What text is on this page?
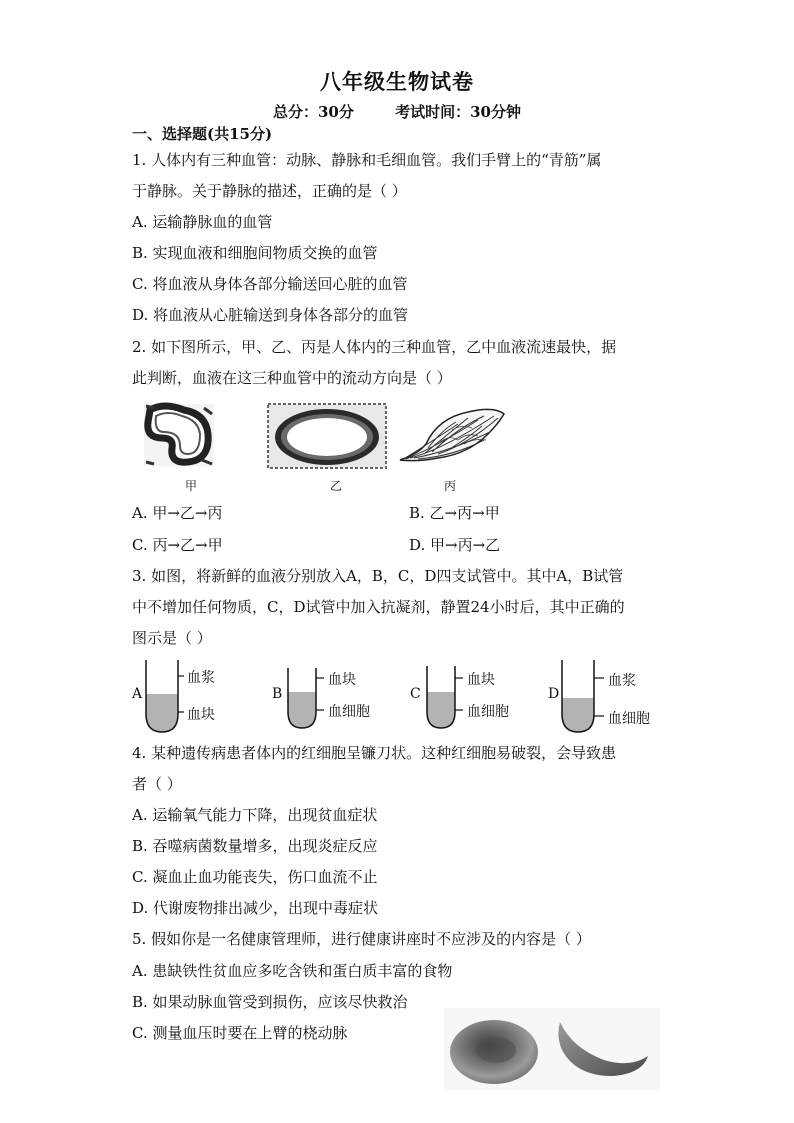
八年级生物试卷
总分：30分	考试时间：30分钟
一、选择题(共15分)
1. 人体内有三种血管：动脉、静脉和毛细血管。我们手臂上的“青筋”属
于静脉。关于静脉的描述，正确的是（ ）
A. 运输静脉血的血管
B. 实现血液和细胞间物质交换的血管
C. 将血液从身体各部分输送回心脏的血管
D. 将血液从心脏输送到身体各部分的血管
2. 如下图所示，甲、乙、丙是人体内的三种血管，乙中血液流速最快，据
此判断，血液在这三种血管中的流动方向是（ ）
甲	乙	丙
A. 甲→乙→丙	B. 乙→丙→甲
C. 丙→乙→甲	D. 甲→丙→乙
3. 如图，将新鲜的血液分别放入A，B，C，D四支试管中。其中A，B试管
中不增加任何物质，C，D试管中加入抗凝剂，静置24小时后，其中正确的
图示是（ ）
A
血浆
血块
B
血块
血细胞
C
血块
血细胞
D
血浆
血细胞
4. 某种遗传病患者体内的红细胞呈镰刀状。这种红细胞易破裂，会导致患
者（ ）
A. 运输氧气能力下降，出现贫血症状
B. 吞噬病菌数量增多，出现炎症反应
C. 凝血止血功能丧失，伤口血流不止
D. 代谢废物排出减少，出现中毒症状
5. 假如你是一名健康管理师，进行健康讲座时不应涉及的内容是（ ）
A. 患缺铁性贫血应多吃含铁和蛋白质丰富的食物
B. 如果动脉血管受到损伤，应该尽快救治
C. 测量血压时要在上臂的桡动脉
